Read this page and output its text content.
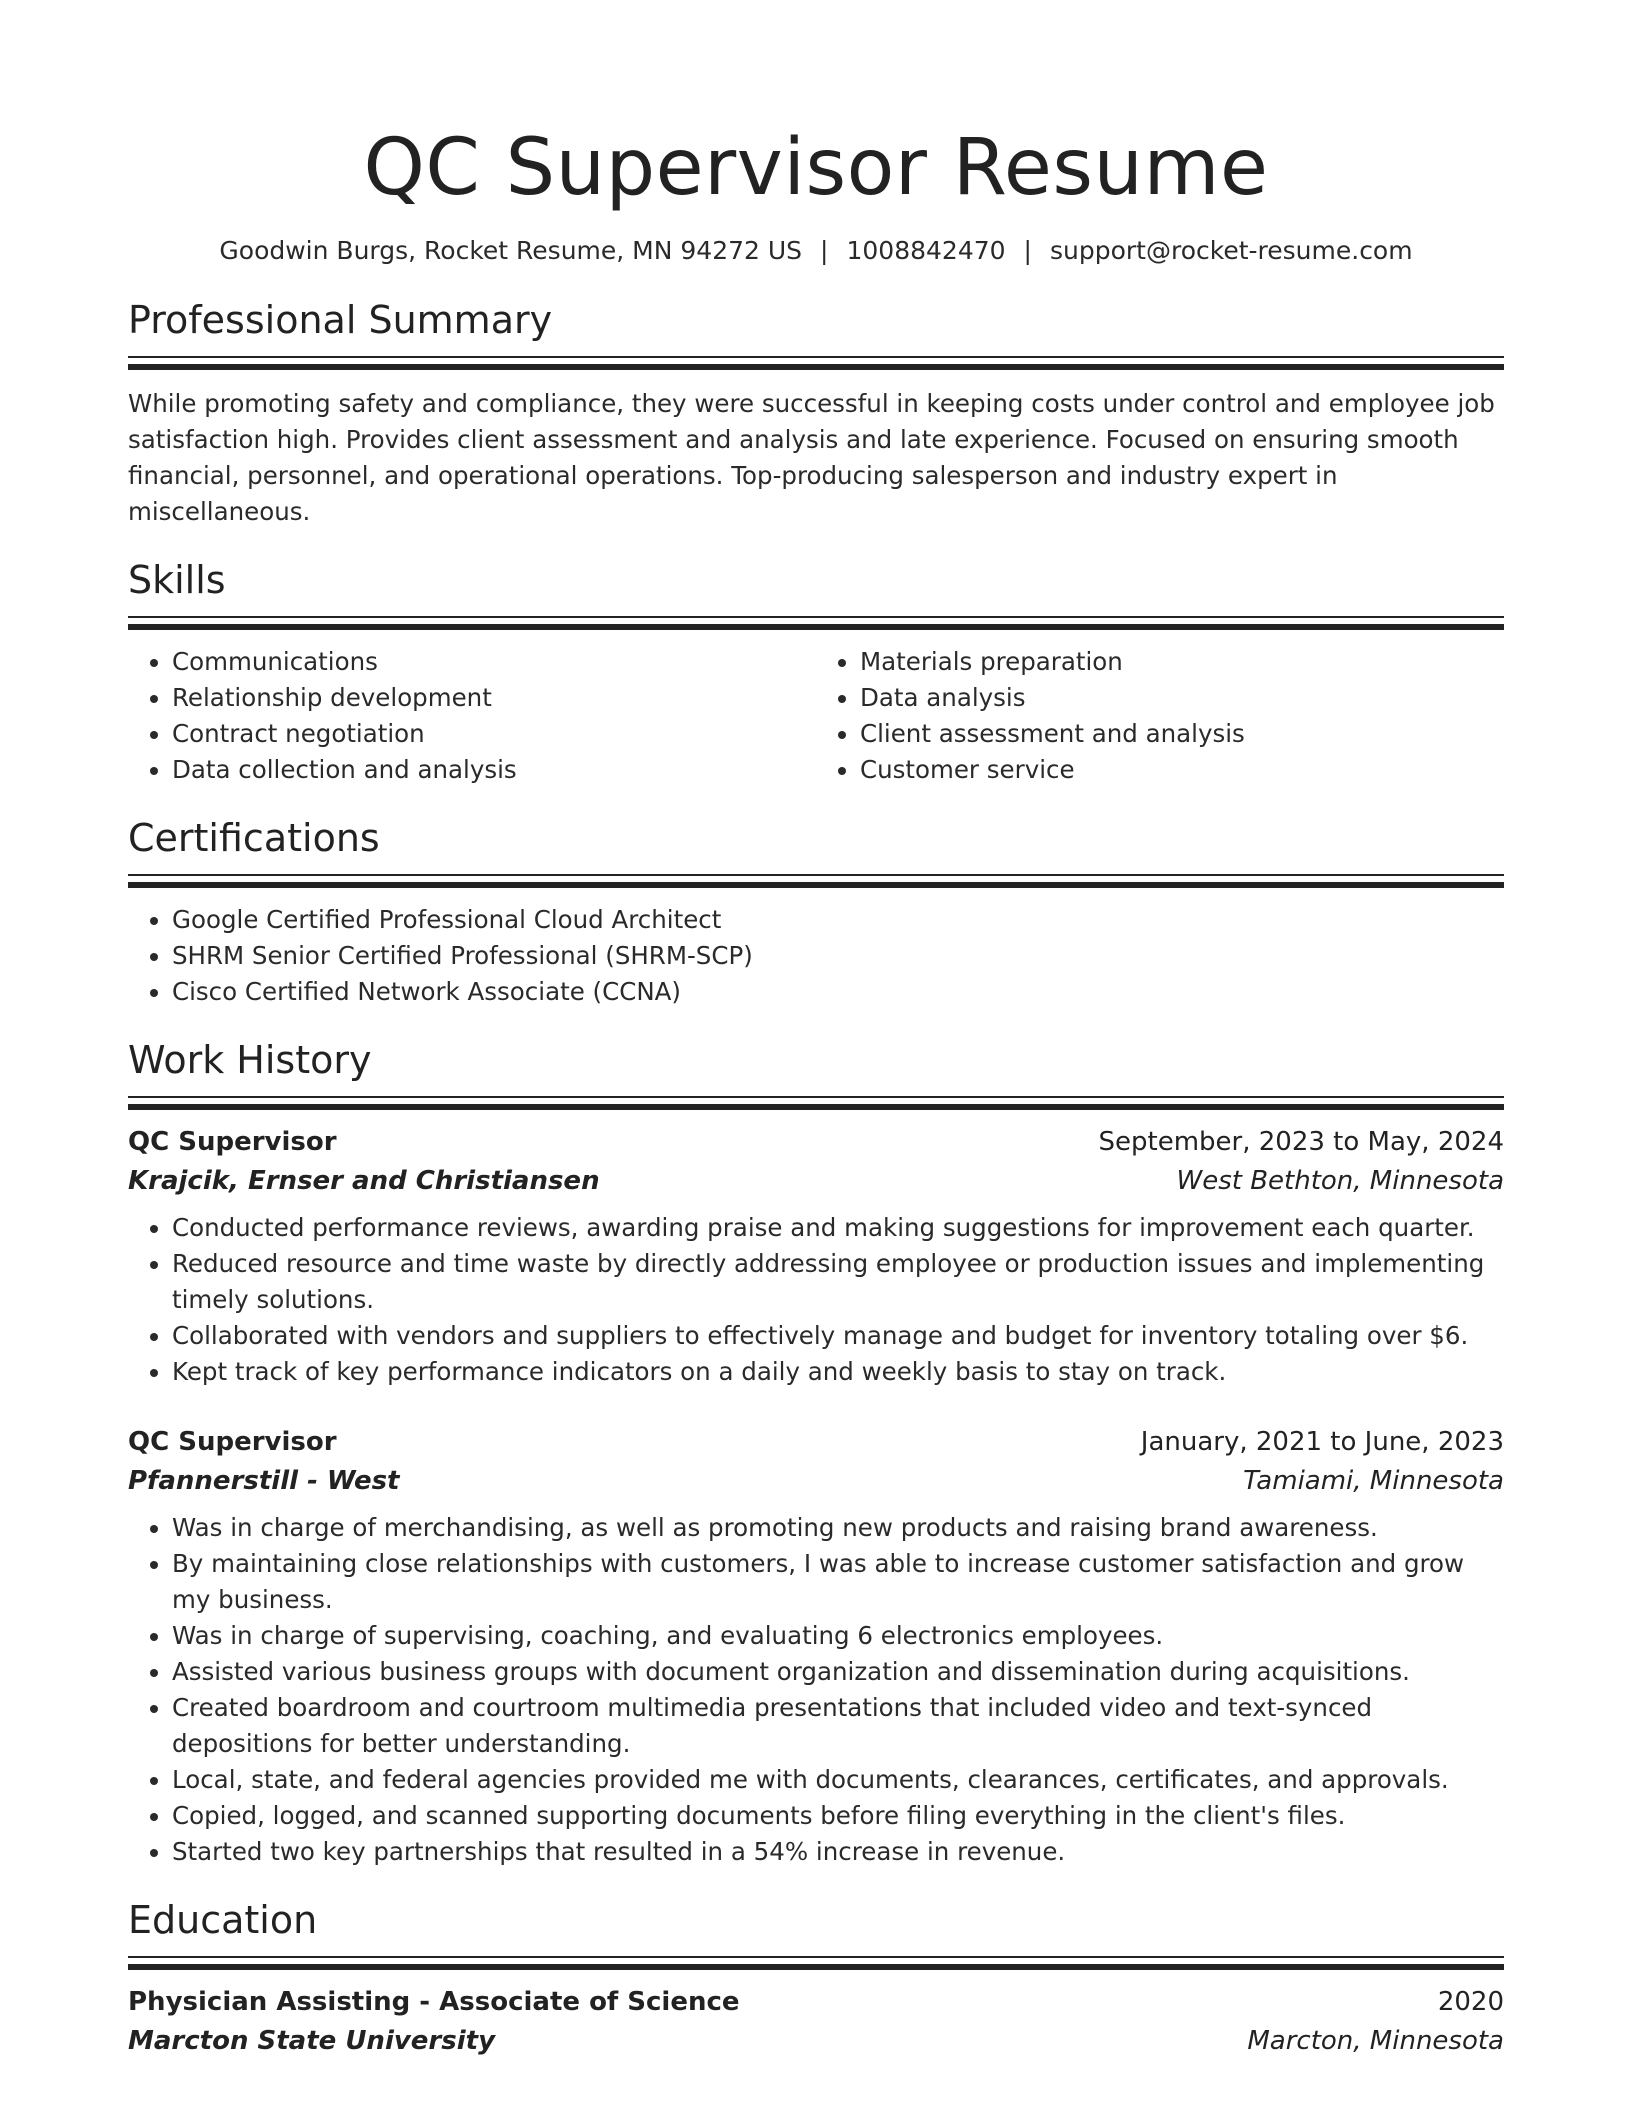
QC Supervisor Resume
Goodwin Burgs, Rocket Resume, MN 94272 US | 1008842470 | support@rocket-resume.com
Professional Summary

While promoting safety and compliance, they were successful in keeping costs under control and employee job satisfaction high. Provides client assessment and analysis and late experience. Focused on ensuring smooth financial, personnel, and operational operations. Top-producing salesperson and industry expert in miscellaneous.

Skills
• Communications
• Relationship development
• Contract negotiation
• Data collection and analysis
• Materials preparation
• Data analysis
• Client assessment and analysis
• Customer service
Certifications
• Google Certified Professional Cloud Architect
• SHRM Senior Certified Professional (SHRM-SCP)
• Cisco Certified Network Associate (CCNA)
Work History
QC Supervisor	September, 2023 to May, 2024
Krajcik, Ernser and Christiansen	West Bethton, Minnesota
• Conducted performance reviews, awarding praise and making suggestions for improvement each quarter.
• Reduced resource and time waste by directly addressing employee or production issues and implementing timely solutions.
• Collaborated with vendors and suppliers to effectively manage and budget for inventory totaling over $6.
• Kept track of key performance indicators on a daily and weekly basis to stay on track.
QC Supervisor	January, 2021 to June, 2023
Pfannerstill - West	Tamiami, Minnesota
• Was in charge of merchandising, as well as promoting new products and raising brand awareness.
• By maintaining close relationships with customers, I was able to increase customer satisfaction and grow my business.
• Was in charge of supervising, coaching, and evaluating 6 electronics employees.
• Assisted various business groups with document organization and dissemination during acquisitions.
• Created boardroom and courtroom multimedia presentations that included video and text-synced depositions for better understanding.
• Local, state, and federal agencies provided me with documents, clearances, certificates, and approvals.
• Copied, logged, and scanned supporting documents before filing everything in the client's files.
• Started two key partnerships that resulted in a 54% increase in revenue.
Education
Physician Assisting - Associate of Science	2020
Marcton State University	Marcton, Minnesota
